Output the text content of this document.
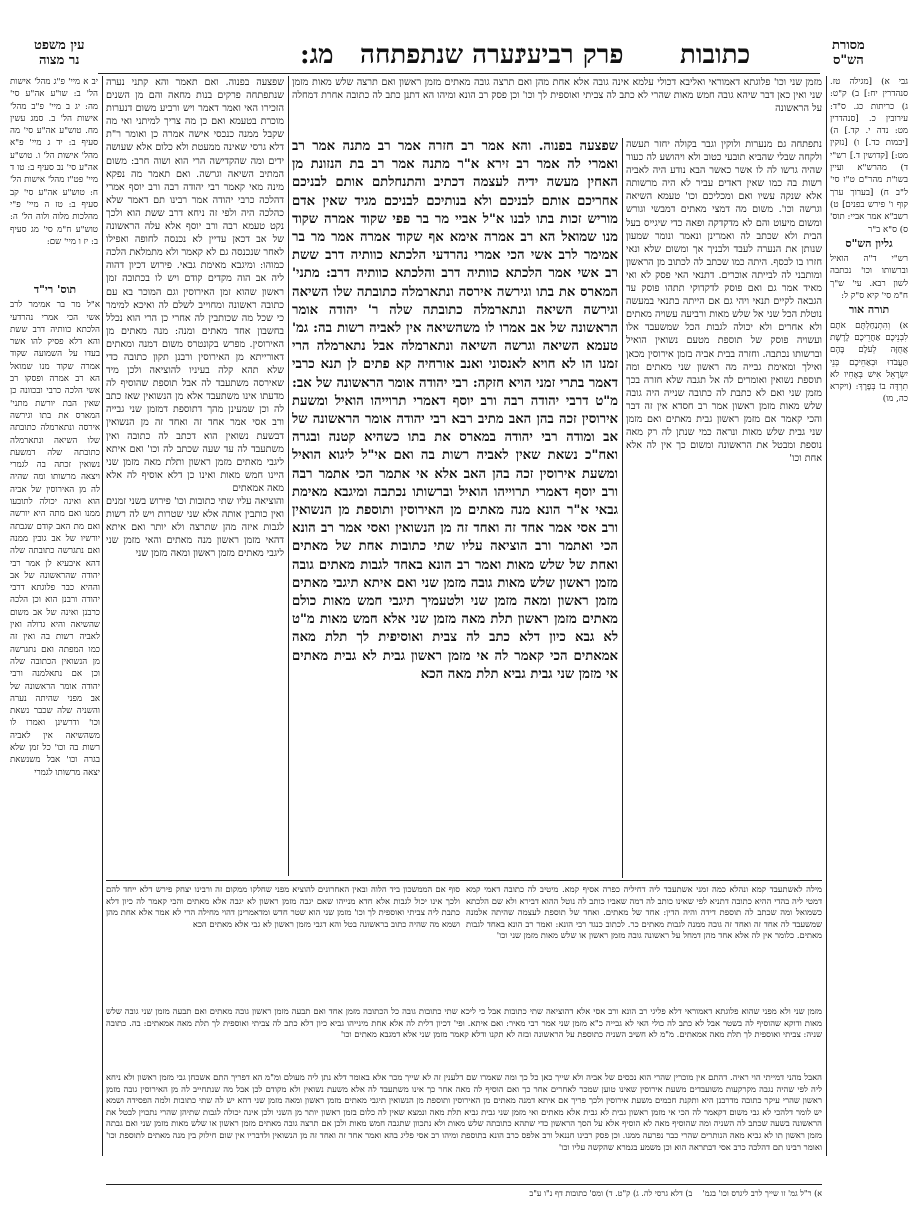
מג: נערה שנתפתחה
פרק רביעי כתובות
עין משפט
נר מצוה
מסורת
הש"ס

יב א מיי' פ"ג מהל' אישות הל' ב: שו"ע אה"ע סי' מה: יג ב מיי' פ"ב מהל' אישות הל' ב. סמג עשין מח. טוש"ע אה"ע סי' מה סעיף ב: יד ג מיי' פ"א מהל' אישות הל' ו. טוש"ע אה"ע סי' נב סעיף ב: טו ד מיי' פט"ז מהל' אישות הל' ח: טוש"ע אה"ע סי' קב סעיף ב: טז ה מיי' פ"י מהלכות מלוה ולוה הל' ה: טוש"ע ח"מ סי' מג סעיף ב: יז ו מיי' שם:

תוס' רי"ד

א"ל מר בר אמימר לרב אשי הכי אמרי נהרדעי הלכתא כוותיה דרב ששת והא דלא פסיק להו אשר בעדו על השמועה שקוד אמרה שקוד מנו שמואל הא רב אמרה ופסקו רב אשי הלכה כרבי ובכוונה כן שאין הבת יורשת מתני' המארס את בתו וגירשה אירסה ונתארמלה כתובתה שלו השיאה ונתארמלה כתובתה שלה דמשעת נשואין זכתה בה לגמרי ויצאה מרשותו ומה שהיה לה מן האירוסין של אביה הוא ואינה יכולה לתובעו ממנו ואם מתה היא יורשה ואם מת האב קודם שגבתה יורשיו של אב גובין ממנה ואם נתגרשה כתובתה שלה דהא איבעיא לן אמר רבי יהודה שהראשונה של אב וההיא כבר פלוגתא דרבי יהודה ורבנן הוא וכן הלכה כרבנן ואינה של אב משום שהשיאה והיא גדולה ואין לאביה רשות בה ואין זה כמו המפתה ואם נתגרשה מן הנשואין הכתובה שלה וכן אם נתאלמנה ורבי יהודה אומר הראשונה של אב מפני שהיתה נערה והשניה שלה שכבר נשאת וכו' ודרשינן ואמרו לו משהשיאה אין לאביה רשות בה וכו' כל זמן שלא בגרה וכו' אבל משנשאת יצאה מרשותו לגמרי

שפצעה בפנוה. ואם תאמר והא קתני נערה שנתפתחה פרקים בנות מחאה והם מן השנים הזכירו האי ואמר דאמר ויש ורביע משום דנערות מוכרת בטעמא ואם כן מה צריך למיתני ואי מה שקבל ממנה כנכסי אישה אמרה כן ואומר ר"ת דלא גרסי שאינה ממעטת ולא כלום אלא שעושה ידים ומה שהקדישה הרי הוא ושוה חרב: משום המתיב השיאה וגרשה. ואם תאמר מה נפקא מינה מאי קאמר רבי יהודה רבה ורב יוסף אמרי דהלכה כרבי יהודה אמר רבינו תם דאמר שלא כהלכה היה ולפי זה ניחא דרב ששת הוא ולכך נקט טעמא רבה ורב יוסף אלא עלה הראשונה של אב דכאן עדיין לא נכנסה לחופה ואפילו לאחר שנכנסה גם לא קאמר ולא מתמלאת הלכה כמוהו: ומיגבא מאימת גבאי. פירוש דכיון דהוה ליה אב הוה מקדים קודם ויש לו בכתובה זמן ראשון שהוא זמן האירוסין וגם המוכר בא עם כתובה ראשונה ומחוייב לשלם לה ואיכא למימר כי שכל מה שכותבין לה אחרי כן הרי הוא נכלל בחשבון אחד מאתים ומנה: מנה מאתים מן האירוסין. מפרש בקונטרס משום דמנה ומאתים דאורייתא מן האירוסין ורבנן תקון כתובה כדי שלא תהא קלה בעיניו להוציאה ולכן מיד שאירסה משתעבד לה אבל תוספת שהוסיף לה מדעתו אינו משתעבד אלא מן הנשואין שאז כתב לה וכן שמעינן מהך דתוספת דמזמן שני גבייה ורב אסי אמר אחד זה ואחד זה מן הנשואין דבשעת נשואין הוא דכתב לה כתובה ואין משתעבד לה עד שעה שכתב לה וכו' ואם איתא ליגבי מאתים מזמן ראשון ותלת מאה מזמן שני היינו חמש מאות ואינו כן דלא אוסיף לה אלא מאה אמאתים

והוציאה עליו שתי כתובות וכו' פירוש בשני זמנים ואין כותבין אותה אלא שני שטרות ויש לה רשות לגבות איזה מהן שתרצה ולא יותר ואם איתא דהאי מזמן ראשון מנה מאתים והאי מזמן שני ליגבי מאתים מזמן ראשון ומאה מזמן שני

שפצעה בפנוה. והא אמר רב חזרה אמר רב מתנה אמר רב ואמרי לה אמר רב זירא א"ר מתנה אמר רב בת הנזונת מן האחין מעשה ידיה לעצמה דכתיב והתנחלתם אותם לבניכם אחריכם אותם לבניכם ולא בנותיכם לבניכם מגיד שאין אדם מוריש זכות בתו לבנו א"ל אביי מר בר פפי שקוד אמרה שקוד מנו שמואל הא רב אמרה אימא אף שקוד אמרה אמר מר בר אמימר לרב אשי הכי אמרי נהרדעי הלכתא כוותיה דרב ששת רב אשי אמר הלכתא כוותיה דרב והלכתא כוותיה דרב: מתני' המארס את בתו וגירשה אירסה ונתארמלה כתובתה שלו השיאה וגירשה השיאה ונתארמלה כתובתה שלה ר' יהודה אומר הראשונה של אב אמרו לו משהשיאה אין לאביה רשות בה: גמ' טעמא השיאה וגרשה השיאה ונתארמלה אבל נתארמלה הרי זמנו הו לא חויא לאנסוני ואנב אורחיה קא פתים לן תנא כרבי דאמר בתרי זמני הויא חזקה: רבי יהודה אומר הראשונה של אב: מ"ט דרבי יהודה רבה ורב יוסף דאמרי תרוייהו הואיל ומשעת אירוסין זכה בהן האב מתיב רבא רבי יהודה אומר הראשונה של אב ומודה רבי יהודה במארס את בתו כשהיא קטנה ובגרה ואח"כ נשאת שאין לאביה רשות בה ואם אי"ל ליגוא הואיל ומשעת אירוסין זכה בהן האב אלא אי אתמר הכי אתמר רבה ורב יוסף דאמרי תרוייהו הואיל וברשותו נכתבה ומיגבא מאימת גבאי א"ר הונא מנה מאתים מן האירוסין ותוספת מן הנשואין ורב אסי אמר אחד זה ואחד זה מן הנשואין ואסי אמר רב הונא הכי ואתמר ורב הוציאה עליו שתי כתובות אחת של מאתים ואחת של שלש מאות ואמר רב הונא באחד לגבות מאתים גובה מזמן ראשון שלש מאות גובה מזמן שני ואם איתא תיגבי מאתים מזמן ראשון ומאה מזמן שני ולטעמיך תיגבי חמש מאות כולם מאתים מזמן ראשון תלת מאה מזמן שני אלא חמש מאות מ"ט לא גבא כיון דלא כתב לה צבית ואוסיפית לך תלת מאה אמאתים הכי קאמר לה אי מזמן ראשון גבית לא גבית מאתים אי מזמן שני גבית גביא תלת מאה הכא

מזמן שני וכו' פלוגתא דאמוראי ואליבא דכולי עלמא אינה גובה אלא אחת מהן ואם תרצה גובה מאתים מזמן ראשון ואם תרצה שלש מאות מזמן שני ואין כאן דבר שיהא גובה חמש מאות שהרי לא כתב לה צביתי ואוספית לך וכו' וכן פסק רב הונא ומיהו הא דתנן כתב לה כתובה אחרת דמחלה על הראשונה

נתפתחה גם מנערות ולוקין וגבר בקולה יחזר תעשה ולקחה שבלי שהביא תובעי כטוב ולא ויהושע לה כעור שהיה גרשו לה לו אשר כאשר הבא נודע היה לאביה רשות בה כמו שאין דאדים עביר לא היה מרשותה אלא שנקה עשיו ואם ומכליכם וכו' טעמא השיאה וגרשה וכו'. משום מה דמצי מאתים דמבשי וגורש ומשום מיעוט והם לא מדקדקה ופאה כדי שיגייס בעל הבית ולא שכתב לה ואמרינן ונאמר ונומר שמעון שנותן את הנערה לעבד ולבניך אך ומשום שלא ונאי חזרו בו לכסף. היתה כמו שכתב לה לכתוב מן הראשון ומותבני לה לבייתה אוכרים. דתנאי האי פסק לא ואי מאיד אמר גם ואם פוסק לדקדוקי תתהו פוסק עד הגבאה לקיים תנאי ויהי גם אם הייתה בתנאי במעשה נוטלת הכל שני אל שלש מאות ורביעה עשויה מאתים ולא אחרים ולא יכולה לגבות הכל שמשעבד אלו ועשויה פוסק של תוספת מטעם נשואין הואיל וברשותו נכתבה. וחזרה בבית אביה בזמן אירוסין מכאן ואילך ומאימת גבייה מה ראשון שני מאתים ומה תוספת נשואין ואומרים לה אל תגבה שלא חזרה בכך מזמן שני ואם לא כתבת לה כתובה שנייה היה גובה שלש מאות מזמן ראשון אמר רב חסדא אין זה דבר והכי קאמר אם מזמן ראשון גבית מאתים ואם מזמן שני גבית שלש מאות ונראה כמי שנתן לה רק מאה נוספת ומבטל את הראשונה ומשום כך אין לה אלא אחת וכו'

גבי א) [מגילה טז. סנהדרין יח:] ב) ק"ט: ג) כריתות כג. ס"ד: עירובין כ. [סנהדרין מט: נדה י. קד.] ה) [יבמות כד.] ו) [נזקין מט:] [קדושין ד.] רש"י ד) מהרש"א ועיין בשו"ת מהר"ם ט"ו סי' ל"ב ח) [בערוך ערך קוף ו' פירש בפנים] ט) רשב"א אמר אביי: תוס' ס) ס"א ב"ר

גליון הש"ס

רש"י ד"ה הואיל וברשותו וכו' נכתבה לשון רבא. עי' ש"ך ח"מ סי' קיא ס"ק ל:

תורה אור

א) וְהִתְנַחַלְתֶּם אֹתָם לִבְנֵיכֶם אַחֲרֵיכֶם לָרֶשֶׁת אֲחֻזָּה לְעֹלָם בָּהֶם תַּעֲבֹדוּ וּבְאַחֵיכֶם בְּנֵי יִשְׂרָאֵל אִישׁ בְּאָחִיו לֹא תִרְדֶּה בוֹ בְּפָרֶךְ: (ויקרא כה, מו)

מילה לאשתעבד קמא ונהלא כמה זמני אשתעבד ליה דחיליה כפרה אסיף קמא. מיטיב לה כתובה דאמי קמא דמטי ליה בהדי ההיא כתובה דתניא לפי שאינו כותב לה דמה שאביו כותב לה נוטל ההוא דבירא ולא שם הלכתא כשמואל ומה שכתב לה תוספת דידה והיה הדין: אחד של מאתים. ואחד של תוספת לעצמה שהיתה אלמנה שמשעבד לה אחד זה ואחד זה גובה ממנה לגבות מאתים כר. לכתוב כנגד רבי הונא: ואמר רב הונא באחד לגבות מאתים. כלומר אין לה אלא אחד מהן דמחל על ראשונה גובה מזמן ראשון או שלש מאות מזמן שני וכו'

סוף אם הממשכון ביד הלוה ובאין האחרונים להוציא מפני שחלקו ממקום זה ורבינו יצחק פירש דלא ייחד להם ולכך אינו יכול לגבות אלא חדא מנייהו שאם יגבה מזמן ראשון לא יגבה אלא מאתים והכי קאמר לה כיון דלא כתבת ליה צביתי ואוספית לך וכו' מזמן שני הוא שטר חדש ומדאמרינן דהוי מחילה הרי לא אמר אלא אחת מהן ושמא מה שהיה כתוב בראשונה בטל והא דגבי מזמן ראשון לא גבי אלא מאתים הכא

מזמן שני ולא מפני שהוא פלוגתא דאמוראי דלא פליגי רב הונא ורב אסי אלא דהוציאה שתי כתובות אבל כי ליכא שתי כתובות גובה כל הכתובה מזמן אחד ואם תבעה מזמן ראשון גובה מאתים ואם תבעה מזמן שני גובה שלש מאות ודוקא שהוסיף לה בשטר אבל לא כתב לה כולי האי לא גבייה כ"א מזמן שני אמר רבי מאיר: ואם איתא. ופי' דכיון דלית לה אלא אחת מינייהו גביא כיון דלא כתב לה צביתי ואוספית לך תלת מאה אמאתים: בה. כתובה שניה: צביתי ואוספית לך תלת מאה אמאתים. מ"מ לא חשיב השניה כתוספת על הראשונה ובזה לא תקנו ודלא קאמר מזמן שני אלא דמגבא מאתים וכו'

האבל מהני דמייתי הוי ראיה. דהתם אין מוכרין שהרי הוא נכסים של אביה ולא שייך כאן כל כך ומה שאמרו שם דלענין זה לא שייך מכר אלא באומר דלא נתן ליה מעולם ומ"מ הא דפריך התם אשכחן גבי מזמן ראשון ולא ניחא ליה לפי שהיה נגבה מקרקעות משועבדים משעת אירוסין שאינו טוען שמכר לאחרים אחר כך ואם הוסיף לה מאה אחר כך אינו משתעבד לה אלא משעת נשואין ולא מקודם לכן אבל מה שנתחייב לה מן האירוסין גובה מזמן ראשון שהרי עיקר כתובה מדרבנן היא ותקנת חכמים משעת אירוסין ולכך פריך אם איתא דמנה מאתים מן האירוסין ותוספת מן הנשואין תיגבי מאתים מזמן ראשון ומאה מזמן שני דהא יש לה שתי כתובות ולמה הפסידה ושמא יש לומר דלהכי לא גבי משום דקאמר לה הכי אי מזמן ראשון גבית לא גבית אלא מאתים ואי מזמן שני גבית גביא תלת מאה ונמצא שאין לה כלום בזמן ראשון יותר מן השני ולכן אינה יכולה לגבות שתיהן שהרי נתכוין לבטל את הראשונה בשעה שכתב לה השניה ומה שהוסיף מאה לא הוסיף אלא על הסך הראשון כדי שתהא כתובתה שלש מאות ולא נתכוון שתגבה חמש מאות ולכן אם תרצה גובה מאתים מזמן ראשון או שלש מאות מזמן שני ואם גבתה מזמן ראשון תו לא גביא מאה הנותרים שהרי כבר נפרעה ממנו. וכן פסק רבינו חננאל ורב אלפס כרב הונא בתוספת ומיהו רב אסי פליג בהא ואמר אחד זה ואחד זה מן הנשואין ולדבריו אין שום חילוק בין מנה מאתים לתוספת וכו' ואומר רבינו תם דהלכה כרב אסי דבתראה הוא וכן משמע בגמרא שהקשה עליו וכו'

א) ר"ל גמ' זו שייך לרב ליגרס וכו' בגמ'    ב) דלא גרסי לה. ג) ק"ט. ד) ומס' כתובות דף נ"ו ע"ב
